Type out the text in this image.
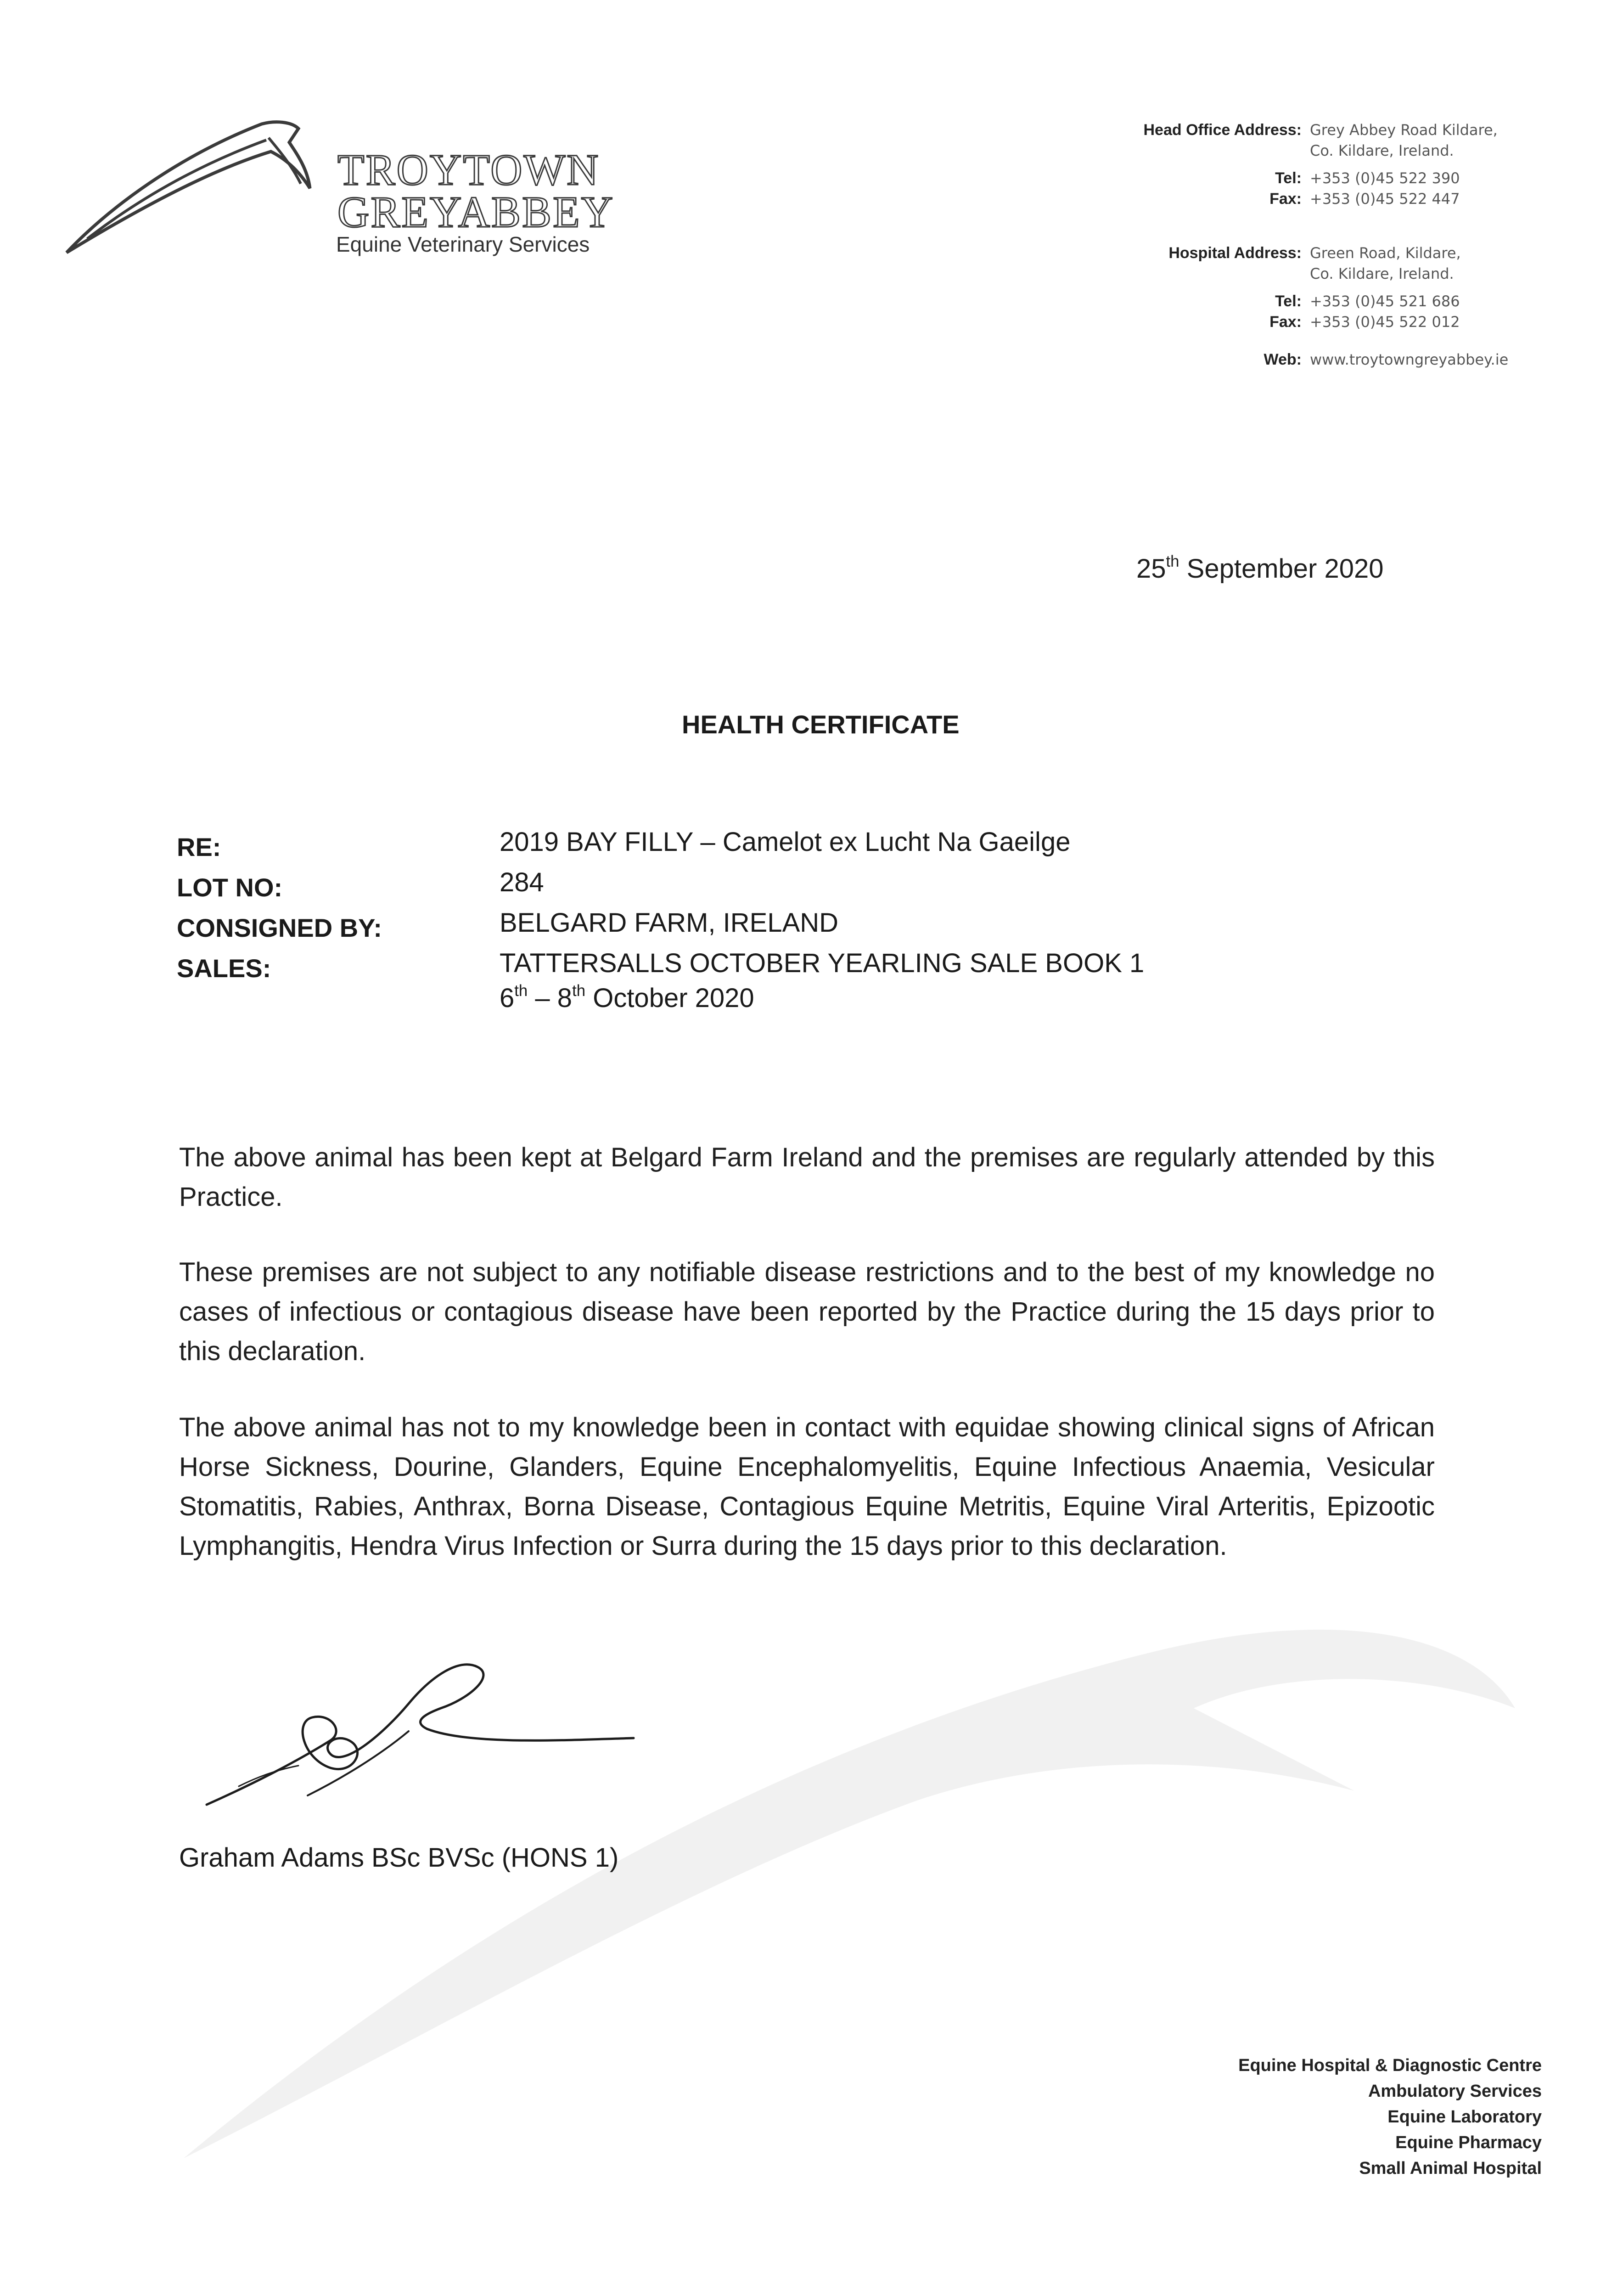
TROYTOWN
GREYABBEY
Equine Veterinary Services
Head Office Address: Grey Abbey Road Kildare,
Co. Kildare, Ireland.
Tel: +353 (0)45 522 390
Fax: +353 (0)45 522 447
Hospital Address: Green Road, Kildare,
Co. Kildare, Ireland.
Tel: +353 (0)45 521 686
Fax: +353 (0)45 522 012
Web: www.troytowngreyabbey.ie
25th September 2020
HEALTH CERTIFICATE
RE:	2019 BAY FILLY – Camelot ex Lucht Na Gaeilge
LOT NO:	284
CONSIGNED BY:	BELGARD FARM, IRELAND
SALES:	TATTERSALLS OCTOBER YEARLING SALE BOOK 1
6th – 8th October 2020
The above animal has been kept at Belgard Farm Ireland and the premises are regularly attended by this Practice.
These premises are not subject to any notifiable disease restrictions and to the best of my knowledge no cases of infectious or contagious disease have been reported by the Practice during the 15 days prior to this declaration.
The above animal has not to my knowledge been in contact with equidae showing clinical signs of African Horse Sickness, Dourine, Glanders, Equine Encephalomyelitis, Equine Infectious Anaemia, Vesicular Stomatitis, Rabies, Anthrax, Borna Disease, Contagious Equine Metritis, Equine Viral Arteritis, Epizootic Lymphangitis, Hendra Virus Infection or Surra during the 15 days prior to this declaration.
Graham Adams BSc BVSc (HONS 1)
Equine Hospital & Diagnostic Centre
Ambulatory Services
Equine Laboratory
Equine Pharmacy
Small Animal Hospital
